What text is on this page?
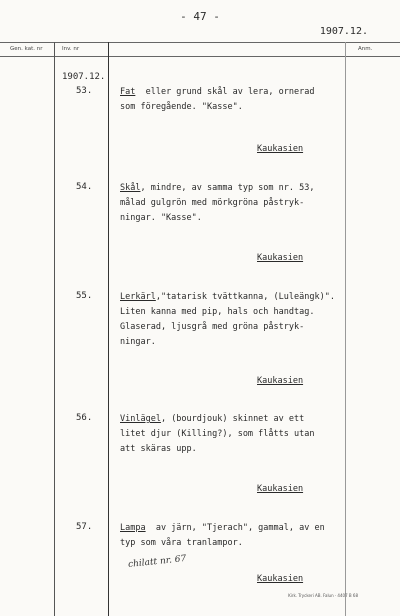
- 47 -
1907.12.
Gen. kat. nr	Inv. nr	Anm.
1907.12.
53.	Fat  eller grund skål av lera, ornerad
som föregående. "Kasse".
Kaukasien
54.	Skål, mindre, av samma typ som nr. 53,
målad gulgrön med mörkgröna påstryk-
ningar. "Kasse".
Kaukasien
55.	Lerkärl,"tatarisk tvättkanna, (Luleängk)".
Liten kanna med pip, hals och handtag.
Glaserad, ljusgrå med gröna påstryk-
ningar.
Kaukasien
56.	Vinlägel, (bourdjouk) skinnet av ett
litet djur (Killing?), som flåtts utan
att skäras upp.
Kaukasien
57.	Lampa  av järn, "Tjerach", gammal, av en
typ som våra tranlampor.
chilatt nr. 67
Kaukasien
Kirk. Tryckeri AB. Falun · 4407 B 68
